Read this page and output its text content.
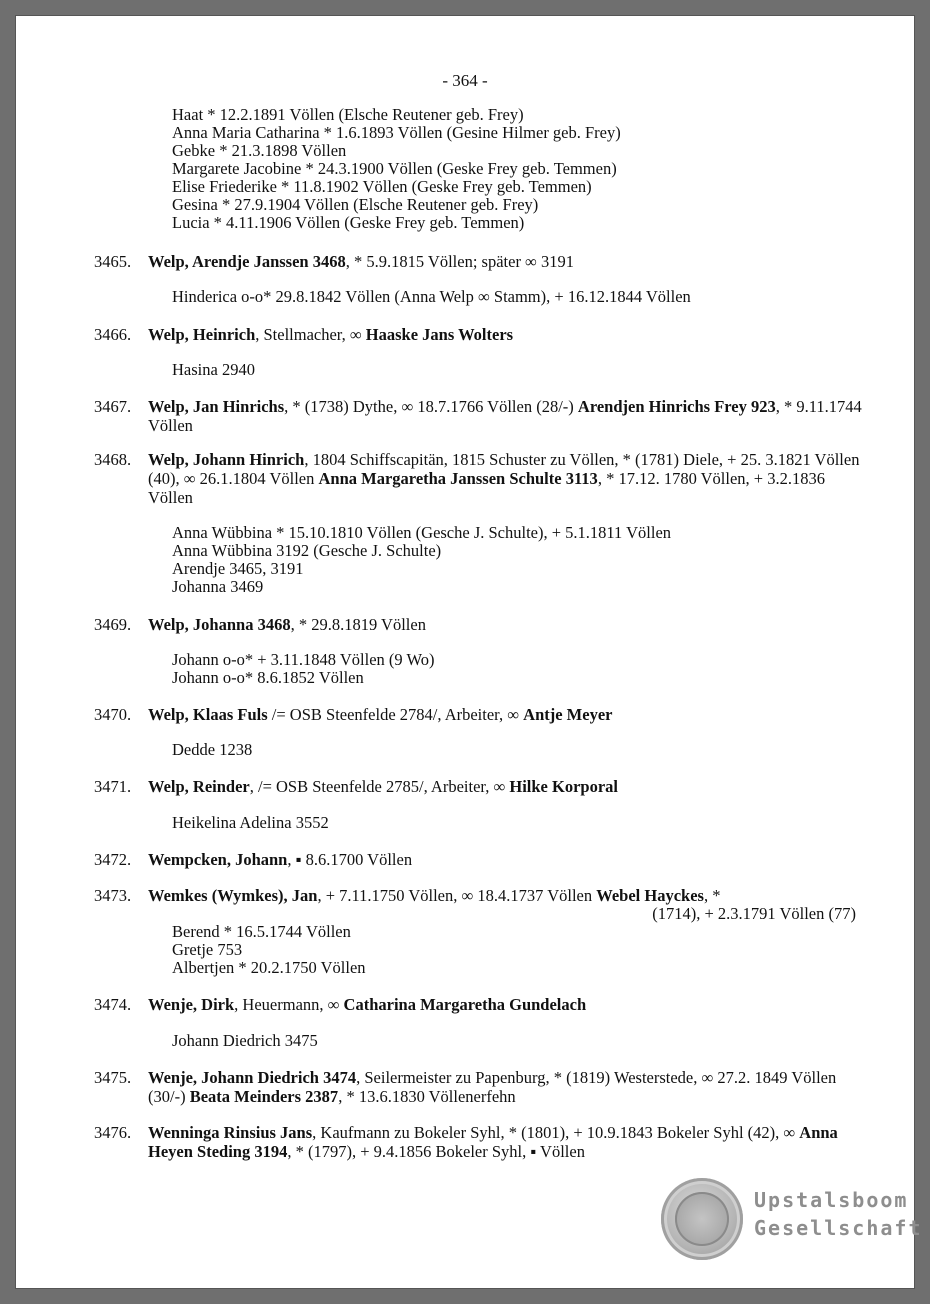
- 364 -
Haat * 12.2.1891 Völlen (Elsche Reutener geb. Frey)
Anna Maria Catharina * 1.6.1893 Völlen (Gesine Hilmer geb. Frey)
Gebke * 21.3.1898 Völlen
Margarete Jacobine * 24.3.1900 Völlen (Geske Frey geb. Temmen)
Elise Friederike * 11.8.1902 Völlen (Geske Frey geb. Temmen)
Gesina * 27.9.1904 Völlen (Elsche Reutener geb. Frey)
Lucia * 4.11.1906 Völlen (Geske Frey geb. Temmen)
3465. Welp, Arendje Janssen 3468, * 5.9.1815 Völlen; später ∞ 3191
Hinderica o-o* 29.8.1842 Völlen (Anna Welp ∞ Stamm), + 16.12.1844 Völlen
3466. Welp, Heinrich, Stellmacher, ∞ Haaske Jans Wolters
Hasina 2940
3467. Welp, Jan Hinrichs, * (1738) Dythe, ∞ 18.7.1766 Völlen (28/-) Arendjen Hinrichs Frey 923, * 9.11.1744 Völlen
3468. Welp, Johann Hinrich, 1804 Schiffscapitän, 1815 Schuster zu Völlen, * (1781) Diele, + 25. 3.1821 Völlen (40), ∞ 26.1.1804 Völlen Anna Margaretha Janssen Schulte 3113, * 17.12. 1780 Völlen, + 3.2.1836 Völlen
Anna Wübbina * 15.10.1810 Völlen (Gesche J. Schulte), + 5.1.1811 Völlen
Anna Wübbina 3192 (Gesche J. Schulte)
Arendje 3465, 3191
Johanna 3469
3469. Welp, Johanna 3468, * 29.8.1819 Völlen
Johann o-o* + 3.11.1848 Völlen (9 Wo)
Johann o-o* 8.6.1852 Völlen
3470. Welp, Klaas Fuls /= OSB Steenfelde 2784/, Arbeiter, ∞ Antje Meyer
Dedde 1238
3471. Welp, Reinder, /= OSB Steenfelde 2785/, Arbeiter, ∞ Hilke Korporal
Heikelina Adelina 3552
3472. Wempcken, Johann, ▪ 8.6.1700 Völlen
3473. Wemkes (Wymkes), Jan, + 7.11.1750 Völlen, ∞ 18.4.1737 Völlen Webel Hayckes, *
(1714), + 2.3.1791 Völlen (77)
Berend * 16.5.1744 Völlen
Gretje 753
Albertjen * 20.2.1750 Völlen
3474. Wenje, Dirk, Heuermann, ∞ Catharina Margaretha Gundelach
Johann Diedrich 3475
3475. Wenje, Johann Diedrich 3474, Seilermeister zu Papenburg, * (1819) Westerstede, ∞ 27.2. 1849 Völlen (30/-) Beata Meinders 2387, * 13.6.1830 Völlenerfehn
3476. Wenninga Rinsius Jans, Kaufmann zu Bokeler Syhl, * (1801), + 10.9.1843 Bokeler Syhl (42), ∞ Anna Heyen Steding 3194, * (1797), + 9.4.1856 Bokeler Syhl, ▪ Völlen
Upstalsboom
Gesellschaft
